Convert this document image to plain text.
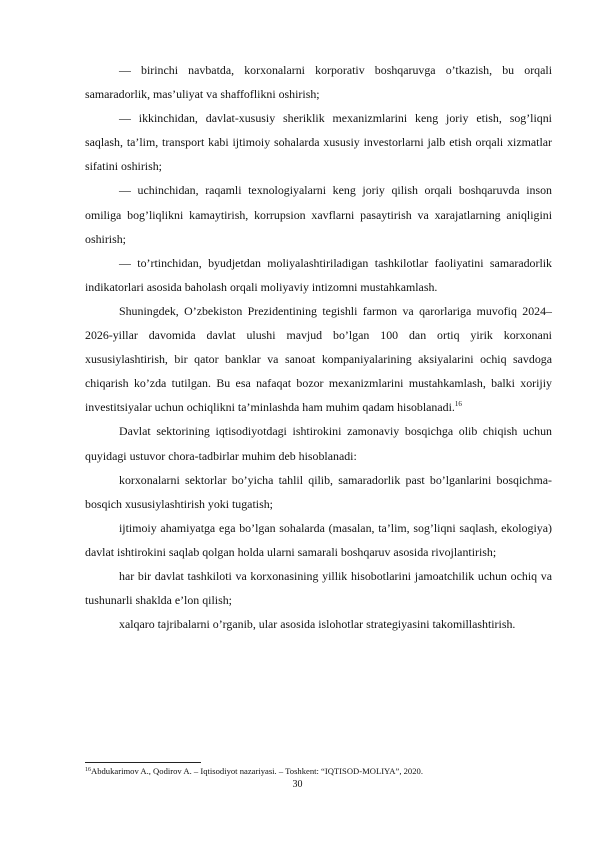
— birinchi navbatda, korxonalarni korporativ boshqaruvga o’tkazish, bu orqali samaradorlik, mas’uliyat va shaffoflikni oshirish;

— ikkinchidan, davlat-xususiy sheriklik mexanizmlarini keng joriy etish, sog’liqni saqlash, ta’lim, transport kabi ijtimoiy sohalarda xususiy investorlarni jalb etish orqali xizmatlar sifatini oshirish;

— uchinchidan, raqamli texnologiyalarni keng joriy qilish orqali boshqaruvda inson omiliga bog’liqlikni kamaytirish, korrupsion xavflarni pasaytirish va xarajatlarning aniqligini oshirish;

— to’rtinchidan, byudjetdan moliyalashtiriladigan tashkilotlar faoliyatini samaradorlik indikatorlari asosida baholash orqali moliyaviy intizomni mustahkamlash.

Shuningdek, O’zbekiston Prezidentining tegishli farmon va qarorlariga muvofiq 2024–2026-yillar davomida davlat ulushi mavjud bo’lgan 100 dan ortiq yirik korxonani xususiylashtirish, bir qator banklar va sanoat kompaniyalarining aksiyalarini ochiq savdoga chiqarish ko’zda tutilgan. Bu esa nafaqat bozor mexanizmlarini mustahkamlash, balki xorijiy investitsiyalar uchun ochiqlikni ta’minlashda ham muhim qadam hisoblanadi.$^{16}$

Davlat sektorining iqtisodiyotdagi ishtirokini zamonaviy bosqichga olib chiqish uchun quyidagi ustuvor chora-tadbirlar muhim deb hisoblanadi:

korxonalarni sektorlar bo’yicha tahlil qilib, samaradorlik past bo’lganlarini bosqichma-bosqich xususiylashtirish yoki tugatish;

ijtimoiy ahamiyatga ega bo’lgan sohalarda (masalan, ta’lim, sog’liqni saqlash, ekologiya) davlat ishtirokini saqlab qolgan holda ularni samarali boshqaruv asosida rivojlantirish;

har bir davlat tashkiloti va korxonasining yillik hisobotlarini jamoatchilik uchun ochiq va tushunarli shaklda e’lon qilish;

xalqaro tajribalarni o’rganib, ular asosida islohotlar strategiyasini takomillashtirish.

$^{16}$Abdukarimov A., Qodirov A. – Iqtisodiyot nazariyasi. – Toshkent: “IQTISOD-MOLIYA”, 2020.
30
